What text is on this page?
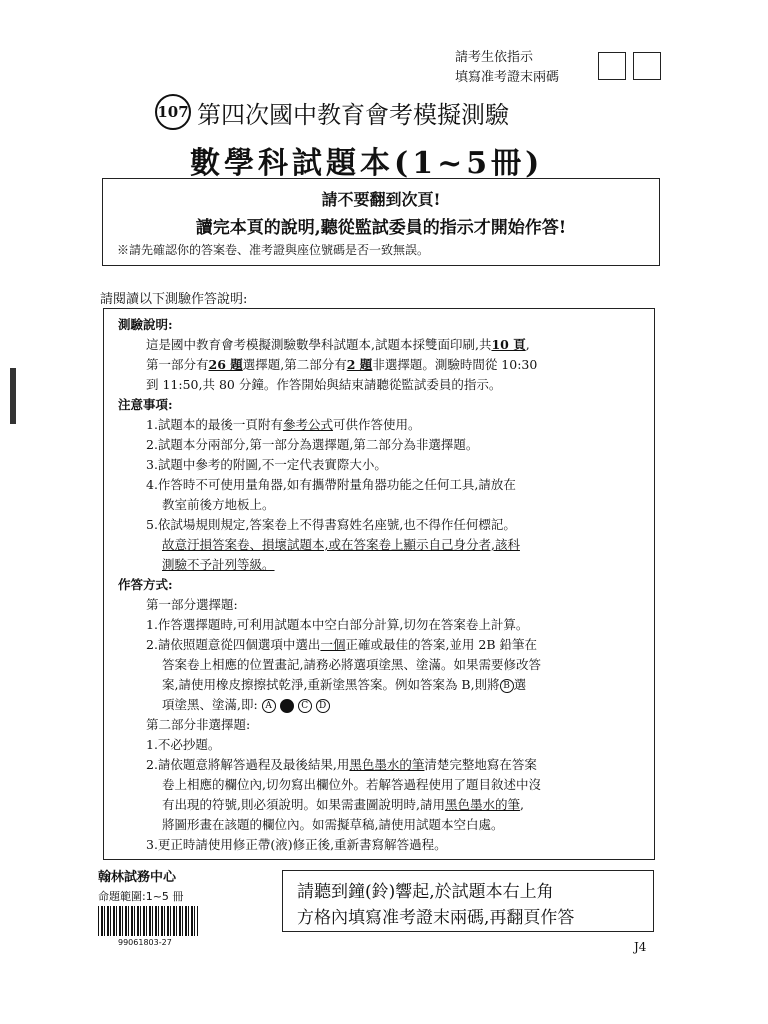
請考生依指示
填寫准考證末兩碼
107 第四次國中教育會考模擬測驗
數學科試題本(1~5冊)
請不要翻到次頁!
讀完本頁的說明,聽從監試委員的指示才開始作答!
※請先確認你的答案卷、准考證與座位號碼是否一致無誤。
請閱讀以下測驗作答說明:
測驗說明:
這是國中教育會考模擬測驗數學科試題本,試題本採雙面印刷,共10 頁,
第一部分有26 題選擇題,第二部分有2 題非選擇題。測驗時間從 10:30
到 11:50,共 80 分鐘。作答開始與結束請聽從監試委員的指示。
注意事項:
1.試題本的最後一頁附有參考公式可供作答使用。
2.試題本分兩部分,第一部分為選擇題,第二部分為非選擇題。
3.試題中參考的附圖,不一定代表實際大小。
4.作答時不可使用量角器,如有攜帶附量角器功能之任何工具,請放在
教室前後方地板上。
5.依試場規則規定,答案卷上不得書寫姓名座號,也不得作任何標記。
故意汙損答案卷、損壞試題本,或在答案卷上顯示自己身分者,該科
測驗不予計列等級。
作答方式:
第一部分選擇題:
1.作答選擇題時,可利用試題本中空白部分計算,切勿在答案卷上計算。
2.請依照題意從四個選項中選出一個正確或最佳的答案,並用 2B 鉛筆在
答案卷上相應的位置畫記,請務必將選項塗黑、塗滿。如果需要修改答
案,請使用橡皮擦擦拭乾淨,重新塗黑答案。例如答案為 B,則將 B 選
項塗黑、塗滿,即: A	C D
第二部分非選擇題:
1.不必抄題。
2.請依題意將解答過程及最後結果,用黑色墨水的筆清楚完整地寫在答案
卷上相應的欄位內,切勿寫出欄位外。若解答過程使用了題目敘述中沒
有出現的符號,則必須說明。如果需畫圖說明時,請用黑色墨水的筆,
將圖形畫在該題的欄位內。如需擬草稿,請使用試題本空白處。
3.更正時請使用修正帶(液)修正後,重新書寫解答過程。
翰林試務中心
命題範圍:1~5 冊
99061803-27
請聽到鐘(鈴)響起,於試題本右上角
方格內填寫准考證末兩碼,再翻頁作答
J4
